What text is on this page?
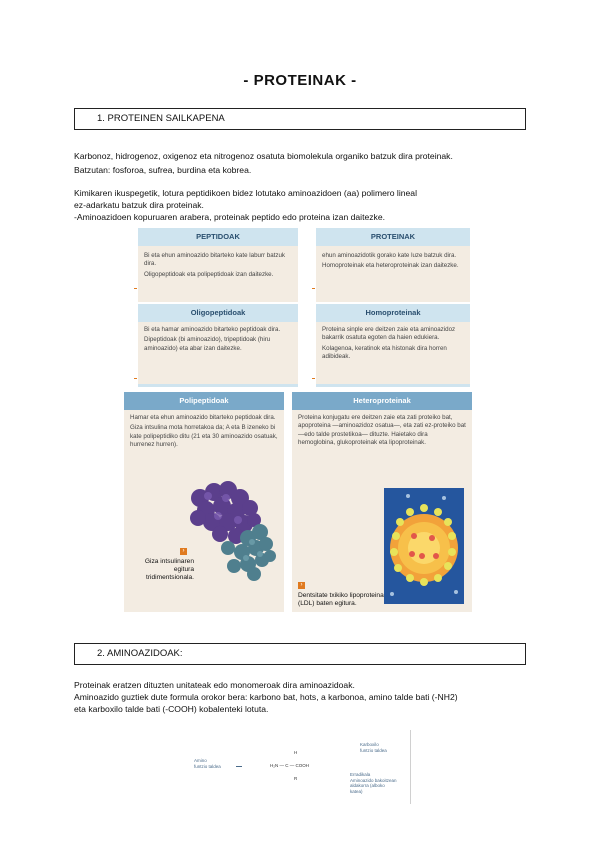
- PROTEINAK -
1. PROTEINEN SAILKAPENA
Karbonoz, hidrogenoz, oxigenoz eta nitrogenoz osatuta biomolekula organiko batzuk dira proteinak.
Batzutan: fosforoa, sufrea, burdina eta kobrea.
Kimikaren ikuspegetik, lotura peptidikoen bidez lotutako aminoazidoen (aa) polimero lineal
ez-adarkatu batzuk dira proteinak.
-Aminoazidoen kopuruaren arabera, proteinak peptido edo proteina izan daitezke.
PEPTIDOAK

Bi eta ehun aminoazido bitarteko kate laburr batzuk dira.

Oligopeptidoak eta polipeptidoak izan daitezke.

PROTEINAK

ehun aminoazidotik gorako kate luze batzuk dira.

Homoproteinak eta heteroproteinak izan daitezke.

Oligopeptidoak

Bi eta hamar aminoazido bitarteko peptidoak dira.

Dipeptidoak (bi aminoazido), tripeptidoak (hiru aminoazido) eta abar izan daitezke.

Homoproteinak

Proteina sinple ere deitzen zaie eta aminoazidoz bakarrik osatuta egoten da haien edukiera.

Kolagenoa, keratinok eta histonak dira horren adibideak.

Polipeptidoak

Hamar eta ehun aminoazido bitarteko peptidoak dira.

Giza intsulina mota horretakoa da; A eta B izeneko bi kate polipeptidiko ditu (21 eta 30 aminoazido osatuak, hurrenez hurren).

›
Giza intsulinaren egitura tridimentsionala.
Heteroproteinak

Proteina konjugatu ere deitzen zaie eta zati proteiko bat, apoproteina —aminoazidoz osatua—, eta zati ez-proteiko bat —edo talde prostetikoa— dituzte. Haietako dira hemoglobina, glukoproteinak eta lipoproteinak.

›
Dentsitate txikiko lipoproteina (LDL) baten egitura.
2. AMINOAZIDOAK:
Proteinak eratzen dituzten unitateak edo monomeroak dira aminoazidoak.
Aminoazido guztiek dute formula orokor bera: karbono bat, hots, a karbonoa, amino talde bati (-NH2)
eta karboxilo talde bati (-COOH) kobalenteki lotuta.
Amino
funtzio taldea
H
H₂N — C — COOH
R
Karboxilo
funtzio taldea
Erradikala
Aminoazido bakoitzean
aldakorra (alboko
katea)
